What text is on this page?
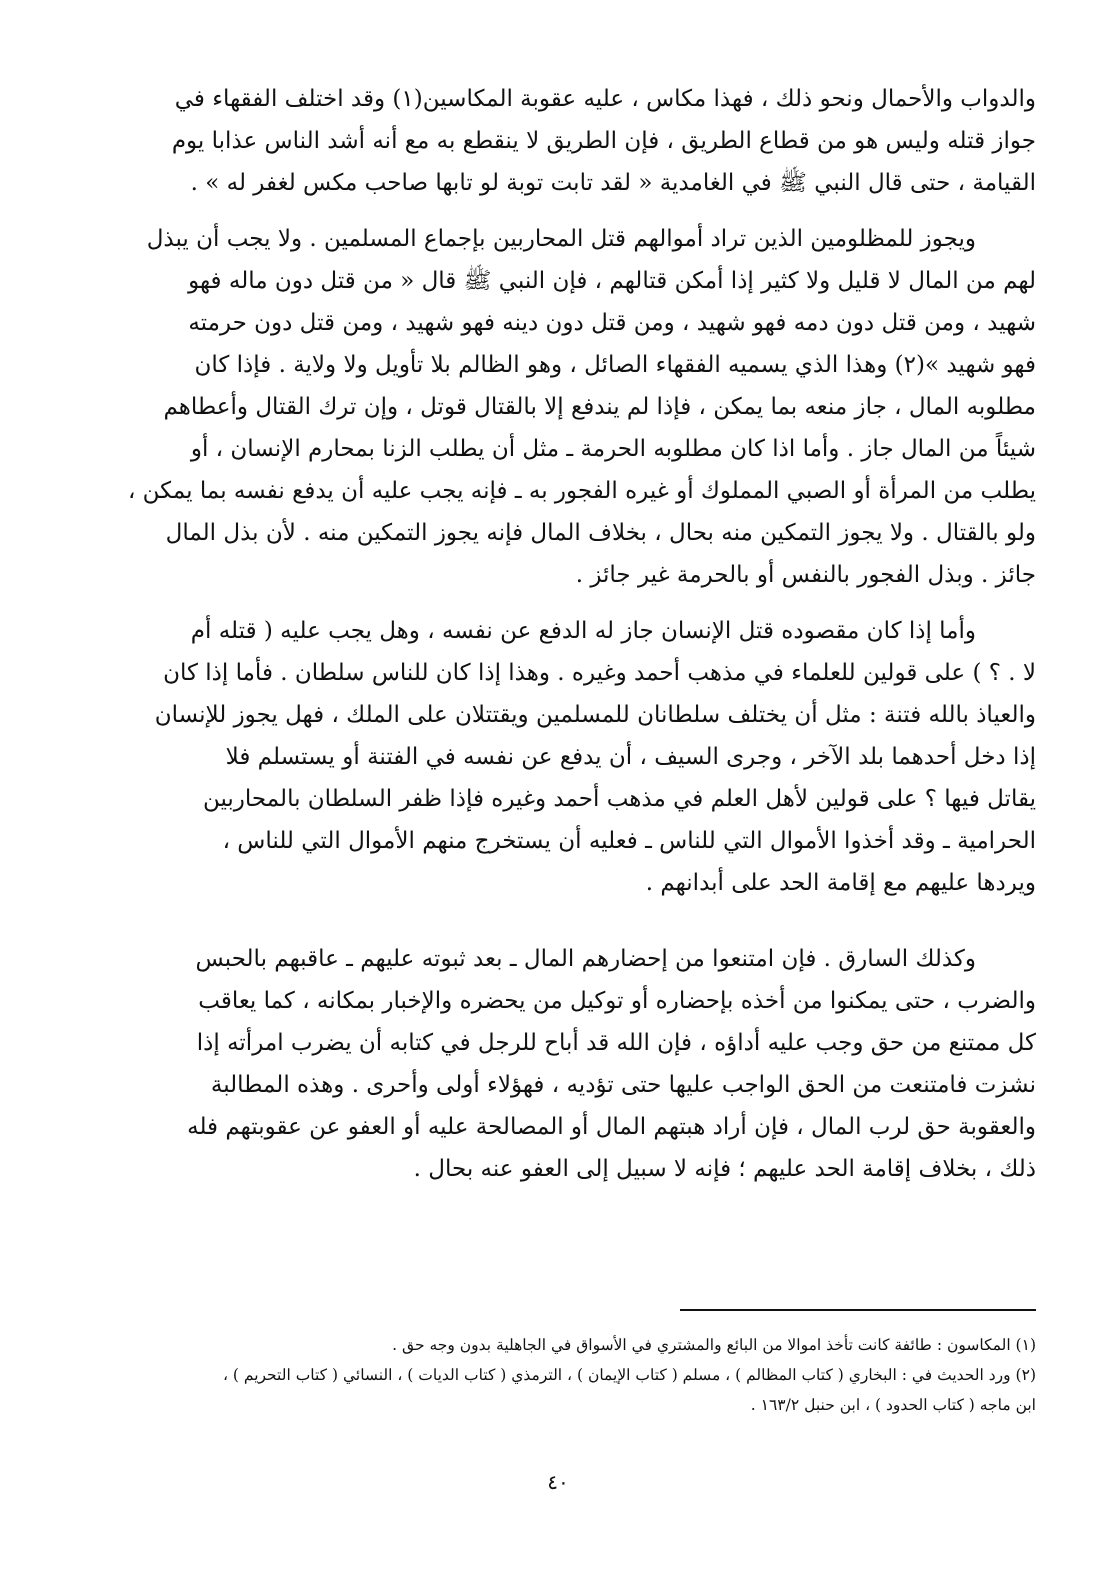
والدواب والأحمال ونحو ذلك ، فهذا مكاس ، عليه عقوبة المكاسين(١) وقد اختلف الفقهاء في
جواز قتله وليس هو من قطاع الطريق ، فإن الطريق لا ينقطع به مع أنه أشد الناس عذابا يوم
القيامة ، حتى قال النبي ﷺ في الغامدية « لقد تابت توبة لو تابها صاحب مكس لغفر له » .

ويجوز للمظلومين الذين تراد أموالهم قتل المحاربين بإجماع المسلمين . ولا يجب أن يبذل
لهم من المال لا قليل ولا كثير إذا أمكن قتالهم ، فإن النبي ﷺ قال « من قتل دون ماله فهو
شهيد ، ومن قتل دون دمه فهو شهيد ، ومن قتل دون دينه فهو شهيد ، ومن قتل دون حرمته
فهو شهيد »(٢) وهذا الذي يسميه الفقهاء الصائل ، وهو الظالم بلا تأويل ولا ولاية . فإذا كان
مطلوبه المال ، جاز منعه بما يمكن ، فإذا لم يندفع إلا بالقتال قوتل ، وإن ترك القتال وأعطاهم
شيئاً من المال جاز . وأما اذا كان مطلوبه الحرمة ـ مثل أن يطلب الزنا بمحارم الإنسان ، أو
يطلب من المرأة أو الصبي المملوك أو غيره الفجور به ـ فإنه يجب عليه أن يدفع نفسه بما يمكن ،
ولو بالقتال . ولا يجوز التمكين منه بحال ، بخلاف المال فإنه يجوز التمكين منه . لأن بذل المال
جائز . وبذل الفجور بالنفس أو بالحرمة غير جائز .

وأما إذا كان مقصوده قتل الإنسان جاز له الدفع عن نفسه ، وهل يجب عليه ( قتله أم
لا . ؟ ) على قولين للعلماء في مذهب أحمد وغيره . وهذا إذا كان للناس سلطان . فأما إذا كان
والعياذ بالله فتنة : مثل أن يختلف سلطانان للمسلمين ويقتتلان على الملك ، فهل يجوز للإنسان
إذا دخل أحدهما بلد الآخر ، وجرى السيف ، أن يدفع عن نفسه في الفتنة أو يستسلم فلا
يقاتل فيها ؟ على قولين لأهل العلم في مذهب أحمد وغيره فإذا ظفر السلطان بالمحاربين
الحرامية ـ وقد أخذوا الأموال التي للناس ـ فعليه أن يستخرج منهم الأموال التي للناس ،
ويردها عليهم مع إقامة الحد على أبدانهم .

وكذلك السارق . فإن امتنعوا من إحضارهم المال ـ بعد ثبوته عليهم ـ عاقبهم بالحبس
والضرب ، حتى يمكنوا من أخذه بإحضاره أو توكيل من يحضره والإخبار بمكانه ، كما يعاقب
كل ممتنع من حق وجب عليه أداؤه ، فإن الله قد أباح للرجل في كتابه أن يضرب امرأته إذا
نشزت فامتنعت من الحق الواجب عليها حتى تؤديه ، فهؤلاء أولى وأحرى . وهذه المطالبة
والعقوبة حق لرب المال ، فإن أراد هبتهم المال أو المصالحة عليه أو العفو عن عقوبتهم فله
ذلك ، بخلاف إقامة الحد عليهم ؛ فإنه لا سبيل إلى العفو عنه بحال .

(١) المكاسون : طائفة كانت تأخذ اموالا من البائع والمشتري في الأسواق في الجاهلية بدون وجه حق .
(٢) ورد الحديث في : البخاري ( كتاب المظالم ) ، مسلم ( كتاب الإيمان ) ، الترمذي ( كتاب الديات ) ، النسائي ( كتاب التحريم ) ،
ابن ماجه ( كتاب الحدود ) ، ابن حنبل ١٦٣/٢ .
٤٠
